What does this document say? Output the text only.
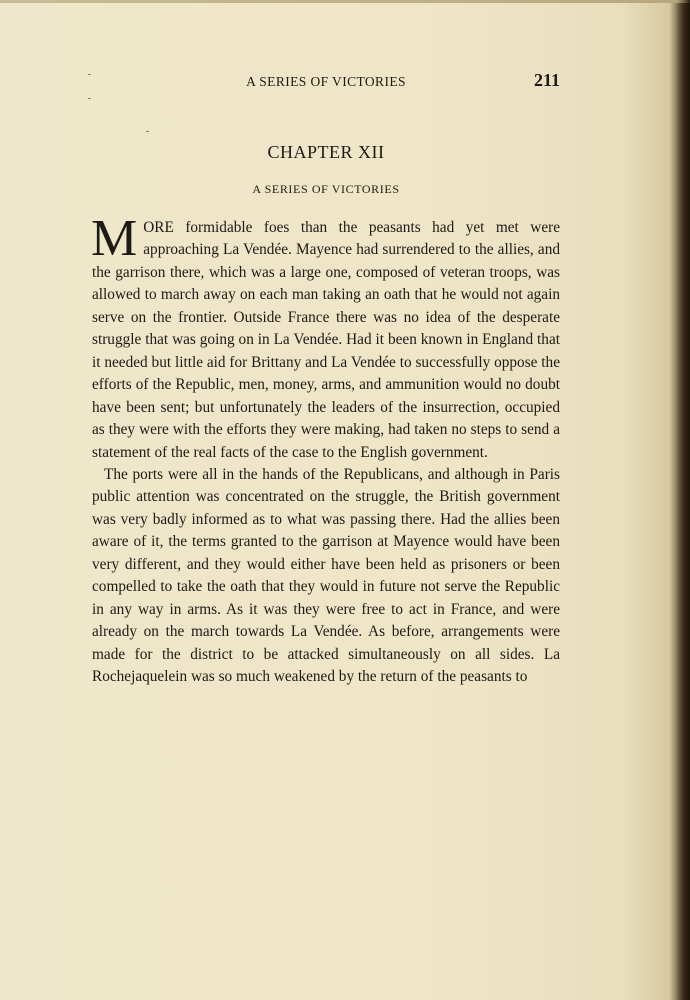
A SERIES OF VICTORIES	211
CHAPTER XII
A SERIES OF VICTORIES

MORE formidable foes than the peasants had yet met were approaching La Vendée. Mayence had surrendered to the allies, and the garrison there, which was a large one, composed of veteran troops, was allowed to march away on each man taking an oath that he would not again serve on the frontier. Outside France there was no idea of the desperate struggle that was going on in La Vendée. Had it been known in England that it needed but little aid for Brittany and La Vendée to successfully oppose the efforts of the Republic, men, money, arms, and ammunition would no doubt have been sent; but unfortunately the leaders of the insurrection, occupied as they were with the efforts they were making, had taken no steps to send a statement of the real facts of the case to the English government.

The ports were all in the hands of the Republicans, and although in Paris public attention was concentrated on the struggle, the British government was very badly informed as to what was passing there. Had the allies been aware of it, the terms granted to the garrison at Mayence would have been very different, and they would either have been held as prisoners or been compelled to take the oath that they would in future not serve the Republic in any way in arms. As it was they were free to act in France, and were already on the march towards La Vendée. As before, arrangements were made for the district to be attacked simultaneously on all sides. La Rochejaquelein was so much weakened by the return of the peasants to
